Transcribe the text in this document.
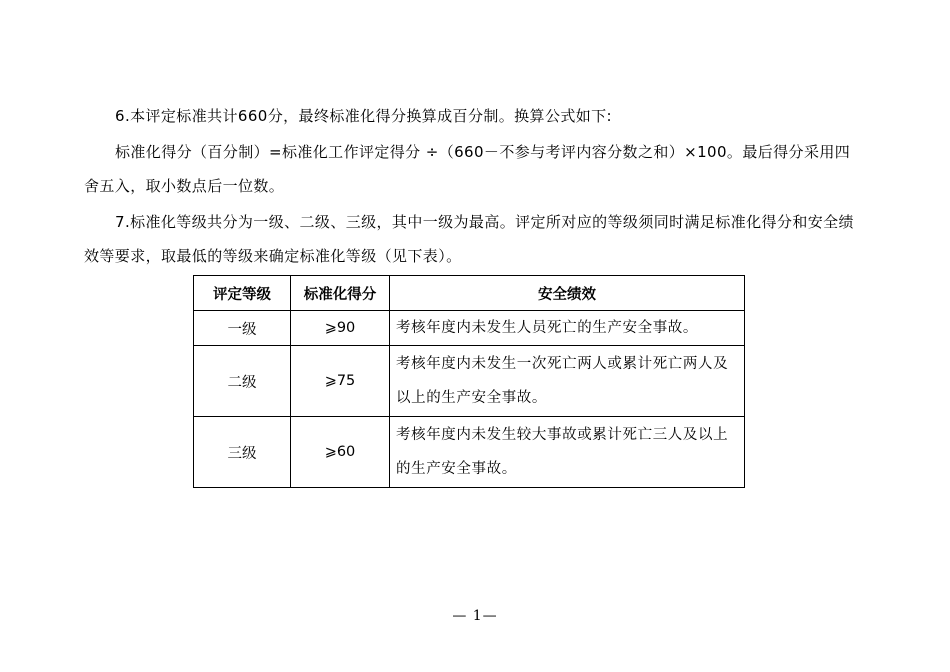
6.本评定标准共计660分，最终标准化得分换算成百分制。换算公式如下:

标准化得分（百分制）=标准化工作评定得分 ÷（660－不参与考评内容分数之和）×100。最后得分采用四舍五入，取小数点后一位数。

7.标准化等级共分为一级、二级、三级，其中一级为最高。评定所对应的等级须同时满足标准化得分和安全绩效等要求，取最低的等级来确定标准化等级（见下表）。

评定等级	标准化得分	安全绩效
一级	⩾90	考核年度内未发生人员死亡的生产安全事故。
二级	⩾75	考核年度内未发生一次死亡两人或累计死亡两人及以上的生产安全事故。
三级	⩾60	考核年度内未发生较大事故或累计死亡三人及以上的生产安全事故。
— 1—
